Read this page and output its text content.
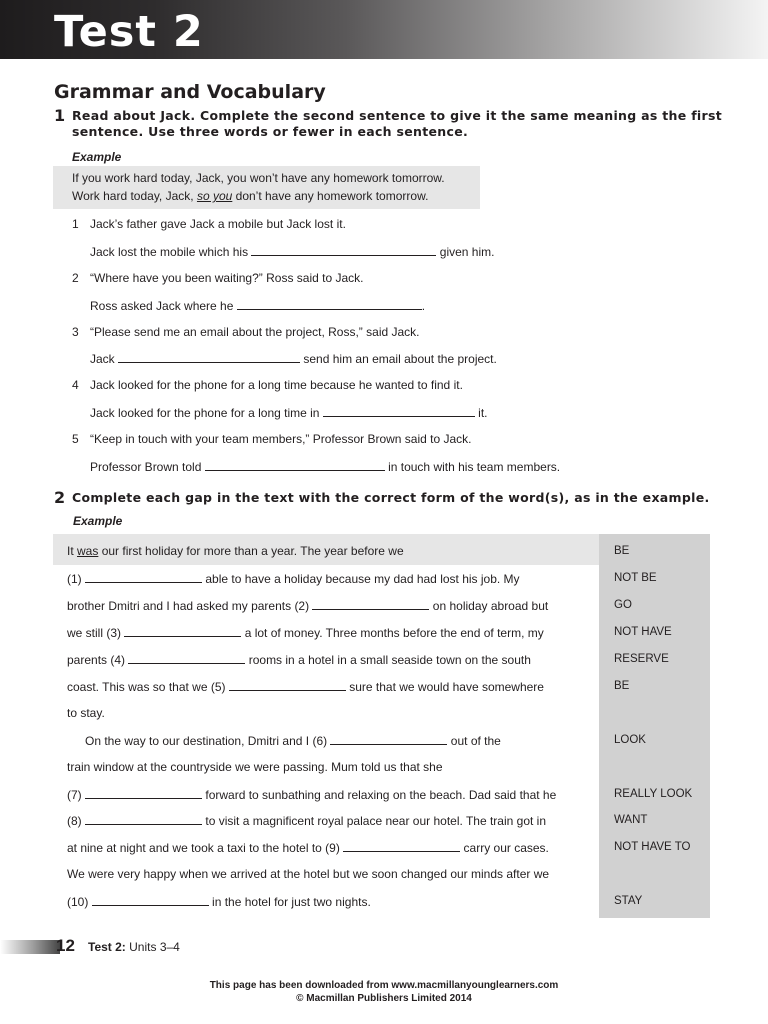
Test 2
Grammar and Vocabulary
1 Read about Jack. Complete the second sentence to give it the same meaning as the first
sentence. Use three words or fewer in each sentence.
Example
If you work hard today, Jack, you won’t have any homework tomorrow.
Work hard today, Jack, so you don’t have any homework tomorrow.
1 Jack’s father gave Jack a mobile but Jack lost it.
Jack lost the mobile which his	given him.
2 “Where have you been waiting?” Ross said to Jack.
Ross asked Jack where he	.
3 “Please send me an email about the project, Ross,” said Jack.
Jack	send him an email about the project.
4 Jack looked for the phone for a long time because he wanted to find it.
Jack looked for the phone for a long time in	it.
5 “Keep in touch with your team members,” Professor Brown said to Jack.
Professor Brown told	in touch with his team members.
2 Complete each gap in the text with the correct form of the word(s), as in the example.
Example
It was our first holiday for more than a year. The year before we
(1)	able to have a holiday because my dad had lost his job. My
brother Dmitri and I had asked my parents (2)	on holiday abroad but
we still (3)	a lot of money. Three months before the end of term, my
parents (4)	rooms in a hotel in a small seaside town on the south
coast. This was so that we (5)	sure that we would have somewhere
to stay.
On the way to our destination, Dmitri and I (6)	out of the
train window at the countryside we were passing. Mum told us that she
(7)	forward to sunbathing and relaxing on the beach. Dad said that he
(8)	to visit a magnificent royal palace near our hotel. The train got in
at nine at night and we took a taxi to the hotel to (9)	carry our cases.
We were very happy when we arrived at the hotel but we soon changed our minds after we
(10)	in the hotel for just two nights.
BE
NOT BE
GO
NOT HAVE
RESERVE
BE
LOOK
REALLY LOOK
WANT
NOT HAVE TO
STAY
12 Test 2: Units 3–4
This page has been downloaded from www.macmillanyounglearners.com
© Macmillan Publishers Limited 2014
